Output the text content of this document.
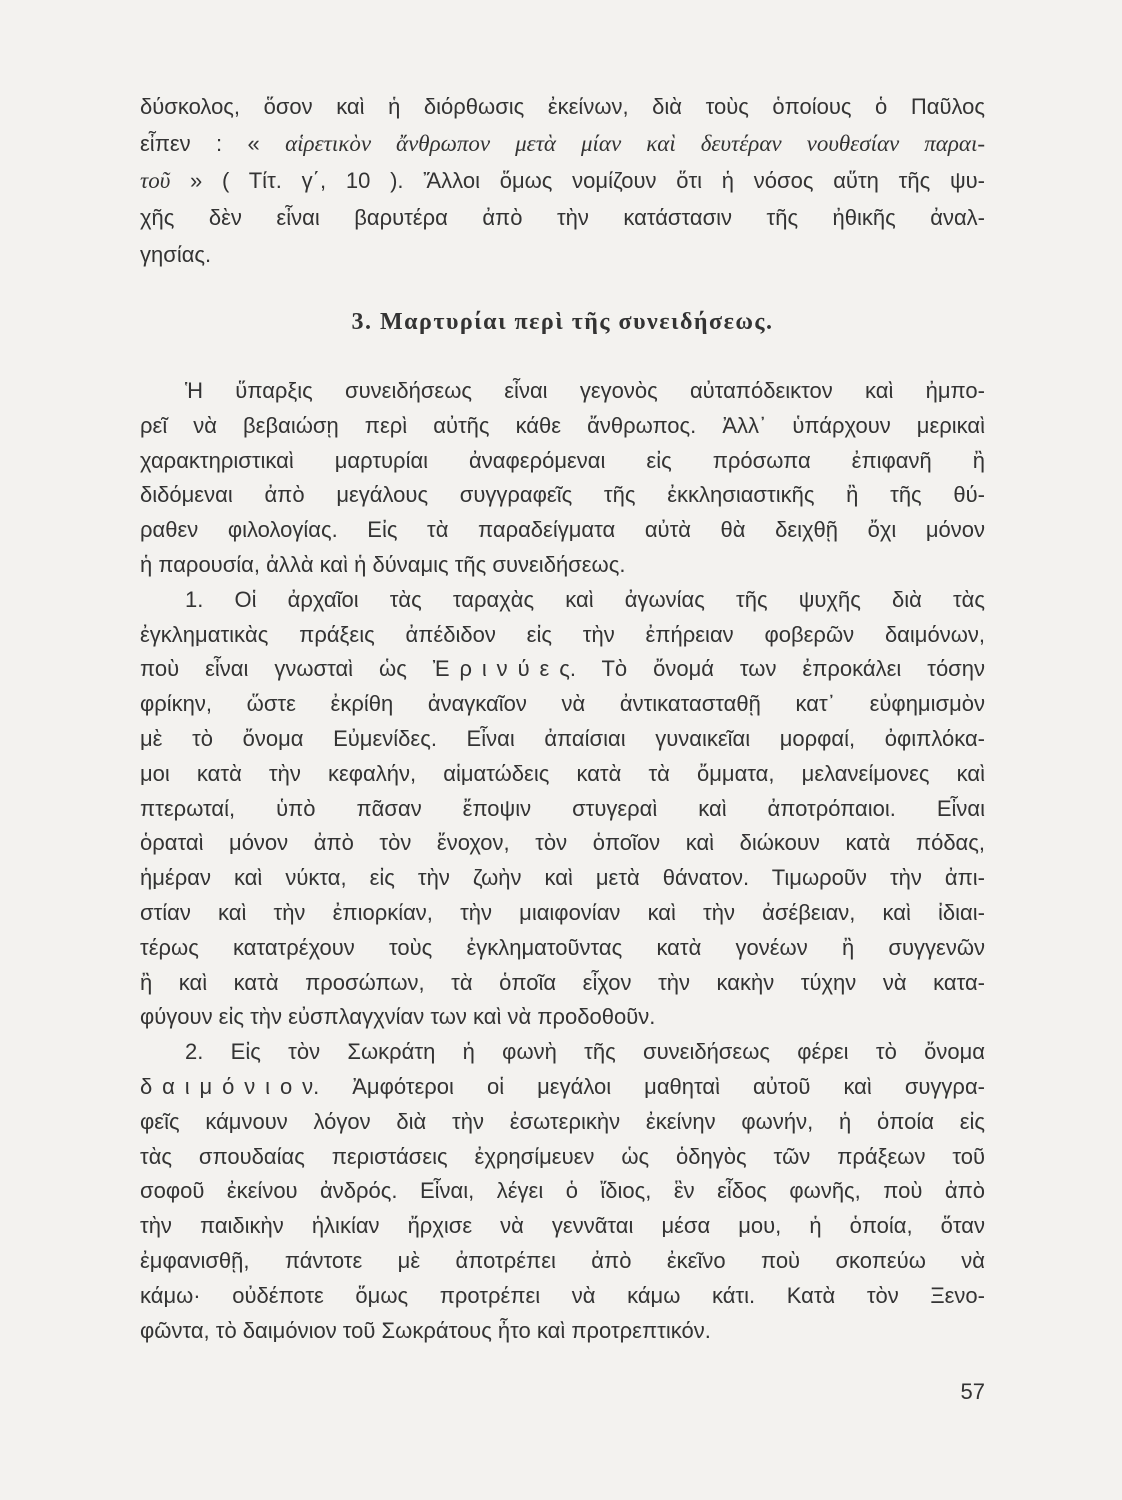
δύσκολος, ὅσον καὶ ἡ διόρθωσις ἐκείνων, διὰ τοὺς ὁποίους ὁ Παῦλος
εἶπεν : « αἱρετικὸν ἄνθρωπον μετὰ μίαν καὶ δευτέραν νουθεσίαν παραι-
τοῦ » ( Τίτ. γ΄, 10 ). Ἄλλοι ὅμως νομίζουν ὅτι ἡ νόσος αὕτη τῆς ψυ-
χῆς δὲν εἶναι βαρυτέρα ἀπὸ τὴν κατάστασιν τῆς ἠθικῆς ἀναλ-
γησίας.
3. Μαρτυρίαι περὶ τῆς συνειδήσεως.
Ἡ ὕπαρξις συνειδήσεως εἶναι γεγονὸς αὐταπόδεικτον καὶ ἠμπο-
ρεῖ νὰ βεβαιώσῃ περὶ αὐτῆς κάθε ἄνθρωπος. Ἀλλ᾽ ὑπάρχουν μερικαὶ
χαρακτηριστικαὶ μαρτυρίαι ἀναφερόμεναι εἰς πρόσωπα ἐπιφανῆ ἢ
διδόμεναι ἀπὸ μεγάλους συγγραφεῖς τῆς ἐκκλησιαστικῆς ἢ τῆς θύ-
ραθεν φιλολογίας. Εἰς τὰ παραδείγματα αὐτὰ θὰ δειχθῇ ὄχι μόνον
ἡ παρουσία, ἀλλὰ καὶ ἡ δύναμις τῆς συνειδήσεως.
1. Οἱ ἀρχαῖοι τὰς ταραχὰς καὶ ἀγωνίας τῆς ψυχῆς διὰ τὰς
ἐγκληματικὰς πράξεις ἀπέδιδον εἰς τὴν ἐπήρειαν φοβερῶν δαιμόνων,
ποὺ εἶναι γνωσταὶ ὡς Ἐρινύες. Τὸ ὄνομά των ἐπροκάλει τόσην
φρίκην, ὥστε ἐκρίθη ἀναγκαῖον νὰ ἀντικατασταθῇ κατ᾽ εὐφημισμὸν
μὲ τὸ ὄνομα Εὐμενίδες. Εἶναι ἀπαίσιαι γυναικεῖαι μορφαί, ὀφιπλόκα-
μοι κατὰ τὴν κεφαλήν, αἱματώδεις κατὰ τὰ ὄμματα, μελανείμονες καὶ
πτερωταί, ὑπὸ πᾶσαν ἔποψιν στυγεραὶ καὶ ἀποτρόπαιοι. Εἶναι
ὁραταὶ μόνον ἀπὸ τὸν ἔνοχον, τὸν ὁποῖον καὶ διώκουν κατὰ πόδας,
ἡμέραν καὶ νύκτα, εἰς τὴν ζωὴν καὶ μετὰ θάνατον. Τιμωροῦν τὴν ἀπι-
στίαν καὶ τὴν ἐπιορκίαν, τὴν μιαιφονίαν καὶ τὴν ἀσέβειαν, καὶ ἰδιαι-
τέρως κατατρέχουν τοὺς ἐγκληματοῦντας κατὰ γονέων ἢ συγγενῶν
ἢ καὶ κατὰ προσώπων, τὰ ὁποῖα εἶχον τὴν κακὴν τύχην νὰ κατα-
φύγουν εἰς τὴν εὐσπλαγχνίαν των καὶ νὰ προδοθοῦν.
2. Εἰς τὸν Σωκράτη ἡ φωνὴ τῆς συνειδήσεως φέρει τὸ ὄνομα
δαιμόνιον. Ἀμφότεροι οἱ μεγάλοι μαθηταὶ αὐτοῦ καὶ συγγρα-
φεῖς κάμνουν λόγον διὰ τὴν ἐσωτερικὴν ἐκείνην φωνήν, ἡ ὁποία εἰς
τὰς σπουδαίας περιστάσεις ἐχρησίμευεν ὡς ὁδηγὸς τῶν πράξεων τοῦ
σοφοῦ ἐκείνου ἀνδρός. Εἶναι, λέγει ὁ ἴδιος, ἓν εἶδος φωνῆς, ποὺ ἀπὸ
τὴν παιδικὴν ἡλικίαν ἤρχισε νὰ γεννᾶται μέσα μου, ἡ ὁποία, ὅταν
ἐμφανισθῇ, πάντοτε μὲ ἀποτρέπει ἀπὸ ἐκεῖνο ποὺ σκοπεύω νὰ
κάμω· οὐδέποτε ὅμως προτρέπει νὰ κάμω κάτι. Κατὰ τὸν Ξενο-
φῶντα, τὸ δαιμόνιον τοῦ Σωκράτους ἦτο καὶ προτρεπτικόν.
57
